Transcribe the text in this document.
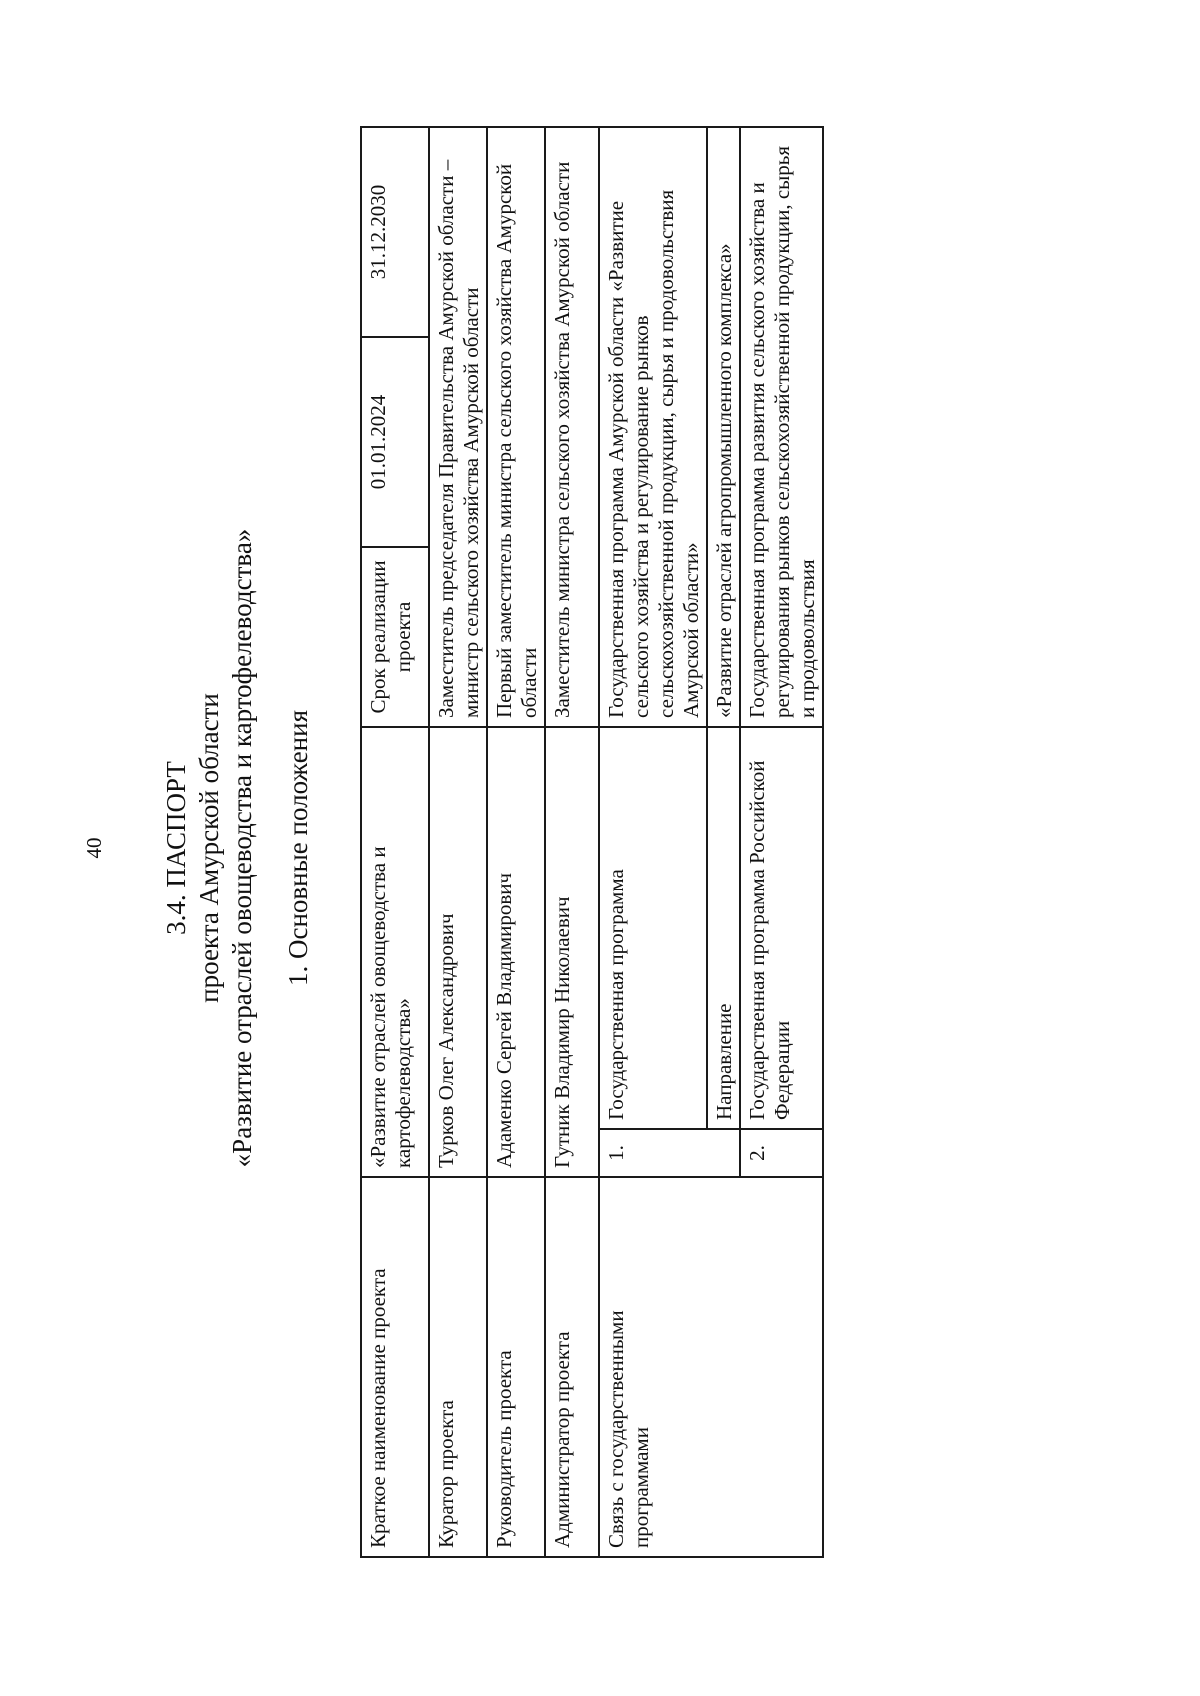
40 3.4. ПАСПОРТ проекта Амурской области «Развитие отраслей овощеводства и картофелеводства» 1. Основные положения
Краткое наименование проекта	«Развитие отраслей овощеводства и картофелеводства»		Срок реализации проекта	01.01.2024	31.12.2030
Куратор проекта	Турков Олег Александрович		Заместитель председателя Правительства Амурской области – министр сельского хозяйства Амурской области		
Руководитель проекта	Адаменко Сергей Владимирович		Первый заместитель министра сельского хозяйства Амурской области		
Администратор проекта	Гутник Владимир Николаевич		Заместитель министра сельского хозяйства Амурской области		
Связь с государственными программами	1.	Государственная программа	Государственная программа Амурской области «Развитие сельского хозяйства и регулирование рынков сельскохозяйственной продукции, сырья и продовольствия Амурской области»		
		Направление	«Развитие отраслей агропромышленного комплекса»		
	2.	Государственная программа Российской Федерации	Государственная программа развития сельского хозяйства и регулирования рынков сельскохозяйственной продукции, сырья и продовольствия		
